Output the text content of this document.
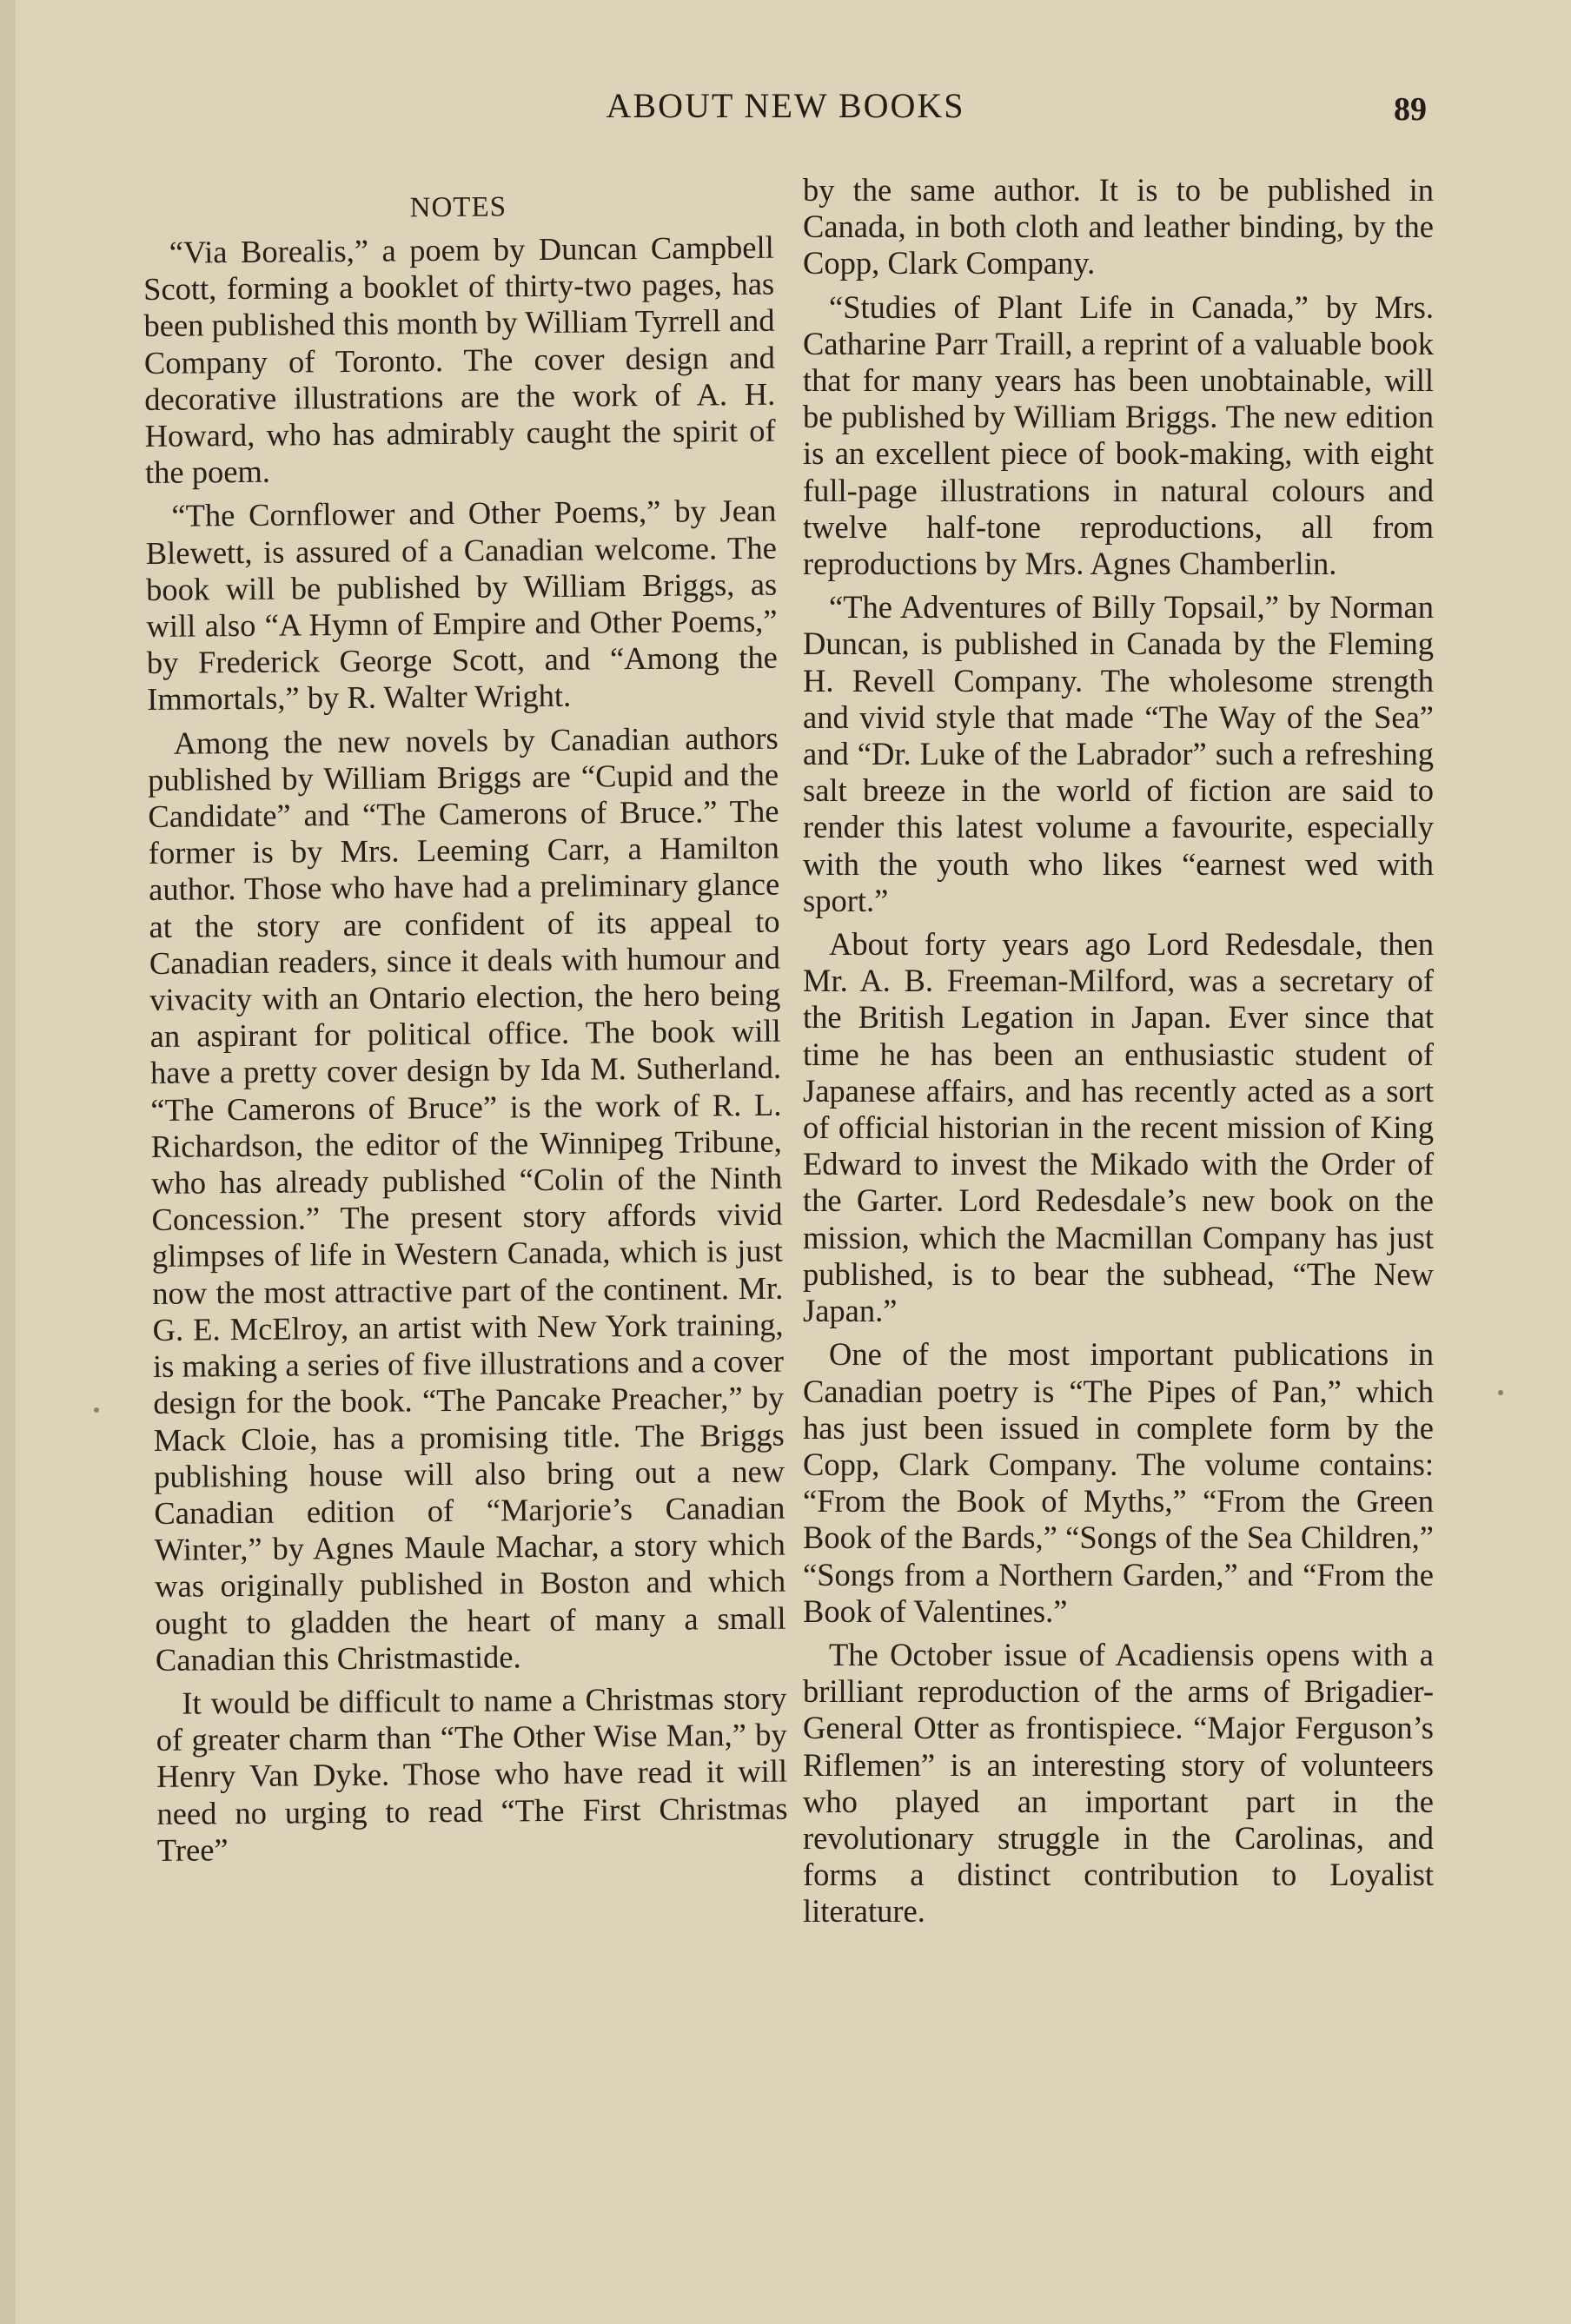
ABOUT NEW BOOKS	89
NOTES

“Via Borealis,” a poem by Duncan Campbell Scott, forming a booklet of thirty-two pages, has been published this month by William Tyrrell and Company of Toronto. The cover design and decorative illustrations are the work of A. H. Howard, who has admirably caught the spirit of the poem.

“The Cornflower and Other Poems,” by Jean Blewett, is assured of a Canadian welcome. The book will be published by William Briggs, as will also “A Hymn of Empire and Other Poems,” by Frederick George Scott, and “Among the Immortals,” by R. Walter Wright.

Among the new novels by Canadian authors published by William Briggs are “Cupid and the Candidate” and “The Camerons of Bruce.” The former is by Mrs. Leeming Carr, a Hamilton author. Those who have had a preliminary glance at the story are confident of its appeal to Canadian readers, since it deals with humour and vivacity with an Ontario election, the hero being an aspirant for political office. The book will have a pretty cover design by Ida M. Sutherland. “The Camerons of Bruce” is the work of R. L. Richardson, the editor of the Winnipeg Tribune, who has already published “Colin of the Ninth Concession.” The present story affords vivid glimpses of life in Western Canada, which is just now the most attractive part of the continent. Mr. G. E. McElroy, an artist with New York training, is making a series of five illustrations and a cover design for the book. “The Pancake Preacher,” by Mack Cloie, has a promising title. The Briggs publishing house will also bring out a new Canadian edition of “Marjorie’s Canadian Winter,” by Agnes Maule Machar, a story which was originally published in Boston and which ought to gladden the heart of many a small Canadian this Christmastide.

It would be difficult to name a Christmas story of greater charm than “The Other Wise Man,” by Henry Van Dyke. Those who have read it will need no urging to read “The First Christmas Tree”

by the same author. It is to be published in Canada, in both cloth and leather binding, by the Copp, Clark Company.

“Studies of Plant Life in Canada,” by Mrs. Catharine Parr Traill, a reprint of a valuable book that for many years has been unobtainable, will be published by William Briggs. The new edition is an excellent piece of book-making, with eight full-page illustrations in natural colours and twelve half-tone reproductions, all from reproductions by Mrs. Agnes Chamberlin.

“The Adventures of Billy Topsail,” by Norman Duncan, is published in Canada by the Fleming H. Revell Company. The wholesome strength and vivid style that made “The Way of the Sea” and “Dr. Luke of the Labrador” such a refreshing salt breeze in the world of fiction are said to render this latest volume a favourite, especially with the youth who likes “earnest wed with sport.”

About forty years ago Lord Redesdale, then Mr. A. B. Freeman-Milford, was a secretary of the British Legation in Japan. Ever since that time he has been an enthusiastic student of Japanese affairs, and has recently acted as a sort of official historian in the recent mission of King Edward to invest the Mikado with the Order of the Garter. Lord Redesdale’s new book on the mission, which the Macmillan Company has just published, is to bear the subhead, “The New Japan.”

One of the most important publications in Canadian poetry is “The Pipes of Pan,” which has just been issued in complete form by the Copp, Clark Company. The volume contains: “From the Book of Myths,” “From the Green Book of the Bards,” “Songs of the Sea Children,” “Songs from a Northern Garden,” and “From the Book of Valentines.”

The October issue of Acadiensis opens with a brilliant reproduction of the arms of Brigadier-General Otter as frontispiece. “Major Ferguson’s Riflemen” is an interesting story of volunteers who played an important part in the revolutionary struggle in the Carolinas, and forms a distinct contribution to Loyalist literature.
